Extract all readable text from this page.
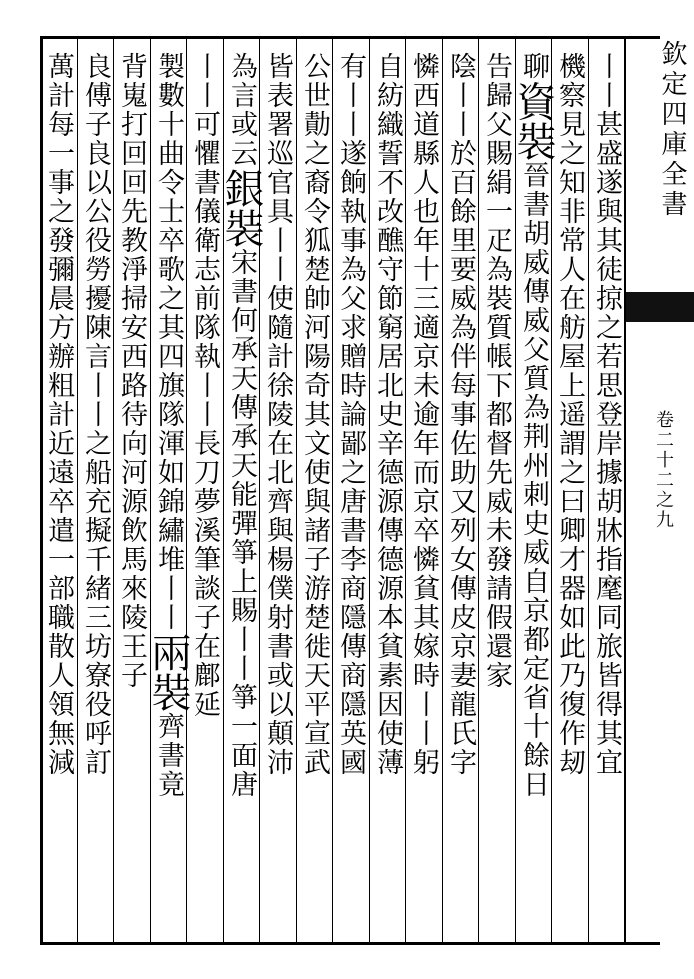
欽定四庫全書
卷二十二之九
丨丨甚盛遂與其徒掠之若思登岸據胡牀指麾同旅皆得其宜
機察見之知非常人在舫屋上遥謂之曰卿才器如此乃復作刼
聊資裝晉書胡威傳威父質為荆州刺史威自京都定省十餘日
告歸父賜絹一疋為裝質帳下都督先威未發請假還家
陰丨丨於百餘里要威為伴每事佐助又列女傳皮京妻龍氏字
憐西道縣人也年十三適京未逾年而京卒憐貧其嫁時丨丨躬
自紡織誓不改醮守節窮居北史辛德源傳德源本貧素因使薄
有丨丨遂餉執事為父求贈時論鄙之唐書李商隱傳商隱英國
公世勣之裔令狐楚帥河陽奇其文使與諸子游楚徙天平宣武
皆表署巡官具丨丨使隨計徐陵在北齊與楊僕射書或以顛沛
為言或云銀裝宋書何承天傳承天能彈箏上賜丨丨箏一面唐
丨丨可懼書儀衛志前隊執丨丨長刀夢溪筆談子在鄜延
製數十曲令士卒歌之其四旗隊渾如錦繡堆丨丨兩裝齊書竟
背嵬打回回先教淨掃安西路待向河源飲馬來陵王子
良傅子良以公役勞擾陳言丨丨之船充擬千緒三坊寮役呼訂
萬計每一事之發彌晨方辦粗計近遠卒遣一部職散人領無減
